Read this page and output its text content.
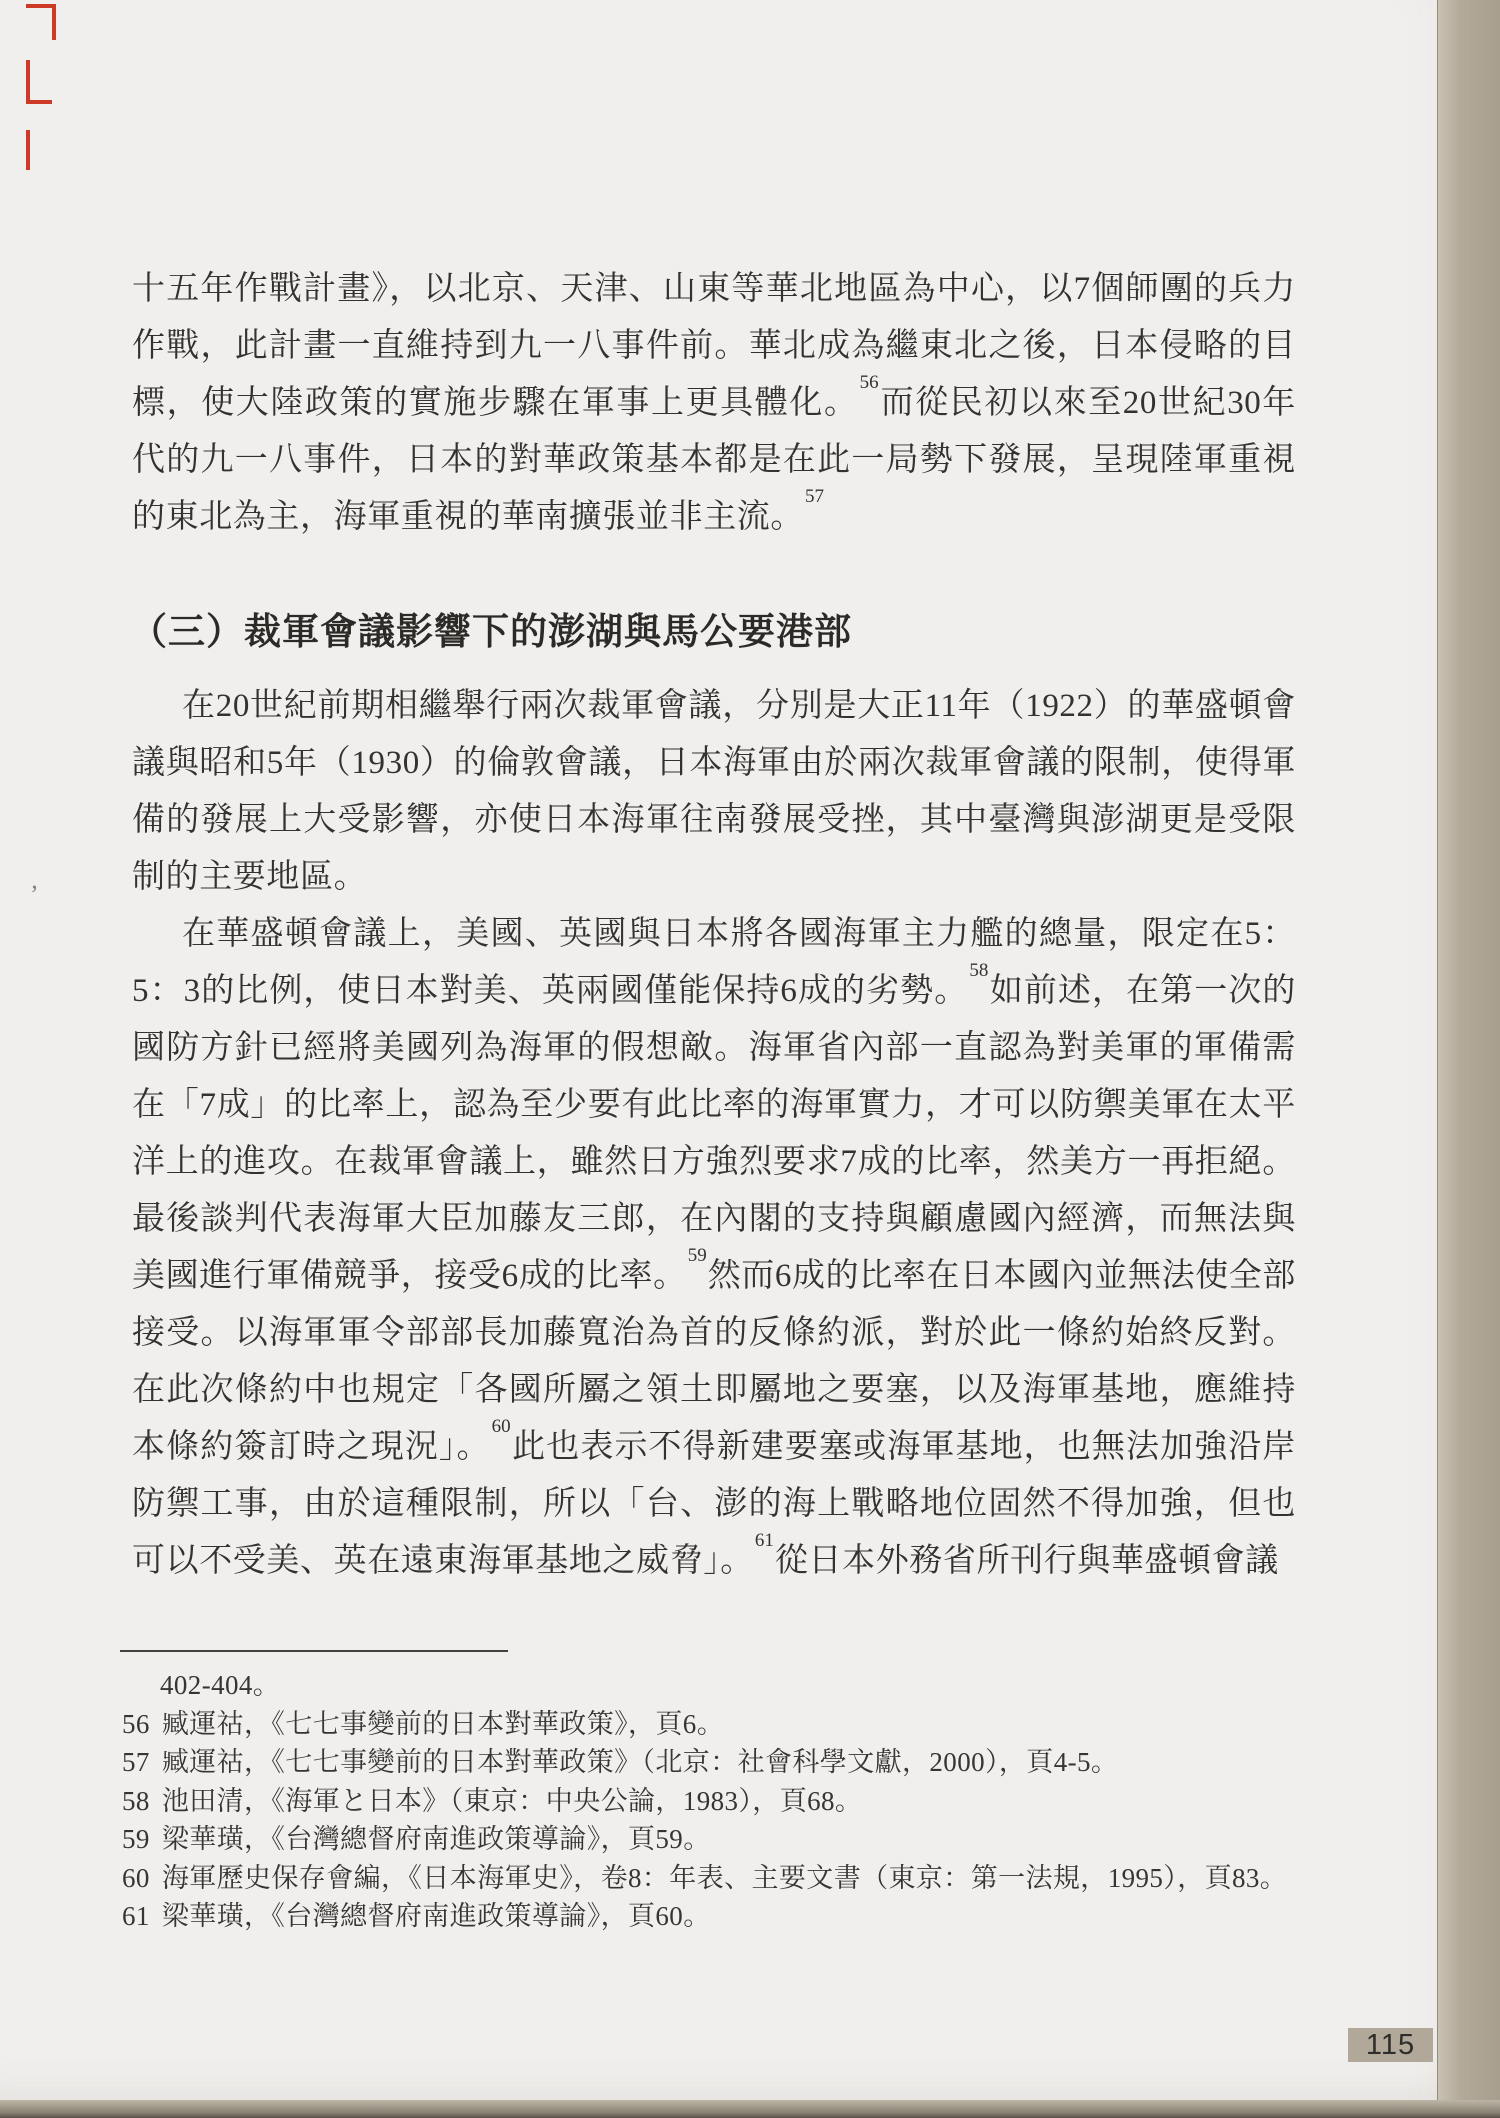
’
十五年作戰計畫》，以北京、天津、山東等華北地區為中心，以7個師團的兵力作戰，此計畫一直維持到九一八事件前。華北成為繼東北之後，日本侵略的目標，使大陸政策的實施步驟在軍事上更具體化。$^{56}$而從民初以來至20世紀30年代的九一八事件，日本的對華政策基本都是在此一局勢下發展，呈現陸軍重視的東北為主，海軍重視的華南擴張並非主流。$^{57}$
（三）裁軍會議影響下的澎湖與馬公要港部
在20世紀前期相繼舉行兩次裁軍會議，分別是大正11年（1922）的華盛頓會議與昭和5年（1930）的倫敦會議，日本海軍由於兩次裁軍會議的限制，使得軍備的發展上大受影響，亦使日本海軍往南發展受挫，其中臺灣與澎湖更是受限制的主要地區。
在華盛頓會議上，美國、英國與日本將各國海軍主力艦的總量，限定在5：5：3的比例，使日本對美、英兩國僅能保持6成的劣勢。$^{58}$如前述，在第一次的國防方針已經將美國列為海軍的假想敵。海軍省內部一直認為對美軍的軍備需在「7成」的比率上，認為至少要有此比率的海軍實力，才可以防禦美軍在太平洋上的進攻。在裁軍會議上，雖然日方強烈要求7成的比率，然美方一再拒絕。最後談判代表海軍大臣加藤友三郎，在內閣的支持與顧慮國內經濟，而無法與美國進行軍備競爭，接受6成的比率。$^{59}$然而6成的比率在日本國內並無法使全部接受。以海軍軍令部部長加藤寬治為首的反條約派，對於此一條約始終反對。在此次條約中也規定「各國所屬之領土即屬地之要塞，以及海軍基地，應維持本條約簽訂時之現況」。$^{60}$此也表示不得新建要塞或海軍基地，也無法加強沿岸防禦工事，由於這種限制，所以「台、澎的海上戰略地位固然不得加強，但也可以不受美、英在遠東海軍基地之威脅」。$^{61}$從日本外務省所刊行與華盛頓會議
402-404。
56 臧運祜，《七七事變前的日本對華政策》，頁6。
57 臧運祜，《七七事變前的日本對華政策》（北京：社會科學文獻，2000），頁4-5。
58 池田清，《海軍と日本》（東京：中央公論，1983），頁68。
59 梁華璜，《台灣總督府南進政策導論》，頁59。
60 海軍歷史保存會編，《日本海軍史》，卷8：年表、主要文書（東京：第一法規，1995），頁83。
61 梁華璜，《台灣總督府南進政策導論》，頁60。
115
